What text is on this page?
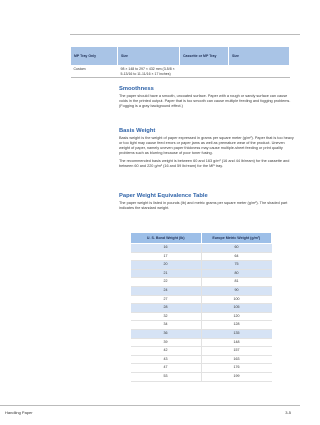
MP Tray Only	Size	Cassette or MP Tray	Size
Custom	98 × 148 to 297 × 432 mm (3-5/8 × 5-13/16 to 11-11/16 × 17 inches)		
Smoothness

The paper should have a smooth, uncoated surface. Paper with a rough or sandy surface can cause voids in the printed output. Paper that is too smooth can cause multiple feeding and fogging problems. (Fogging is a gray background effect.)

Basis Weight

Basis weight is the weight of paper expressed in grams per square meter (g/m²). Paper that is too heavy or too light may cause feed errors or paper jams as well as premature wear of the product. Uneven weight of paper, namely uneven paper thickness may cause multiple-sheet feeding or print quality problems such as blurring because of poor toner fusing.

The recommended basis weight is between 60 and 163 g/m² (16 and 44 lb/ream) for the cassette and between 60 and 220 g/m² (16 and 59 lb/ream) for the MP tray.

Paper Weight Equivalence Table

The paper weight is listed in pounds (lb) and metric grams per square meter (g/m²). The shaded part indicates the standard weight.

U. S. Bond Weight (lb)	Europe Metric Weight (g/m²)
16	60
17	64
20	75
21	80
22	81
24	90
27	100
28	105
32	120
34	128
36	135
39	148
42	157
43	163
47	176
53	199
Handling Paper	3-5
